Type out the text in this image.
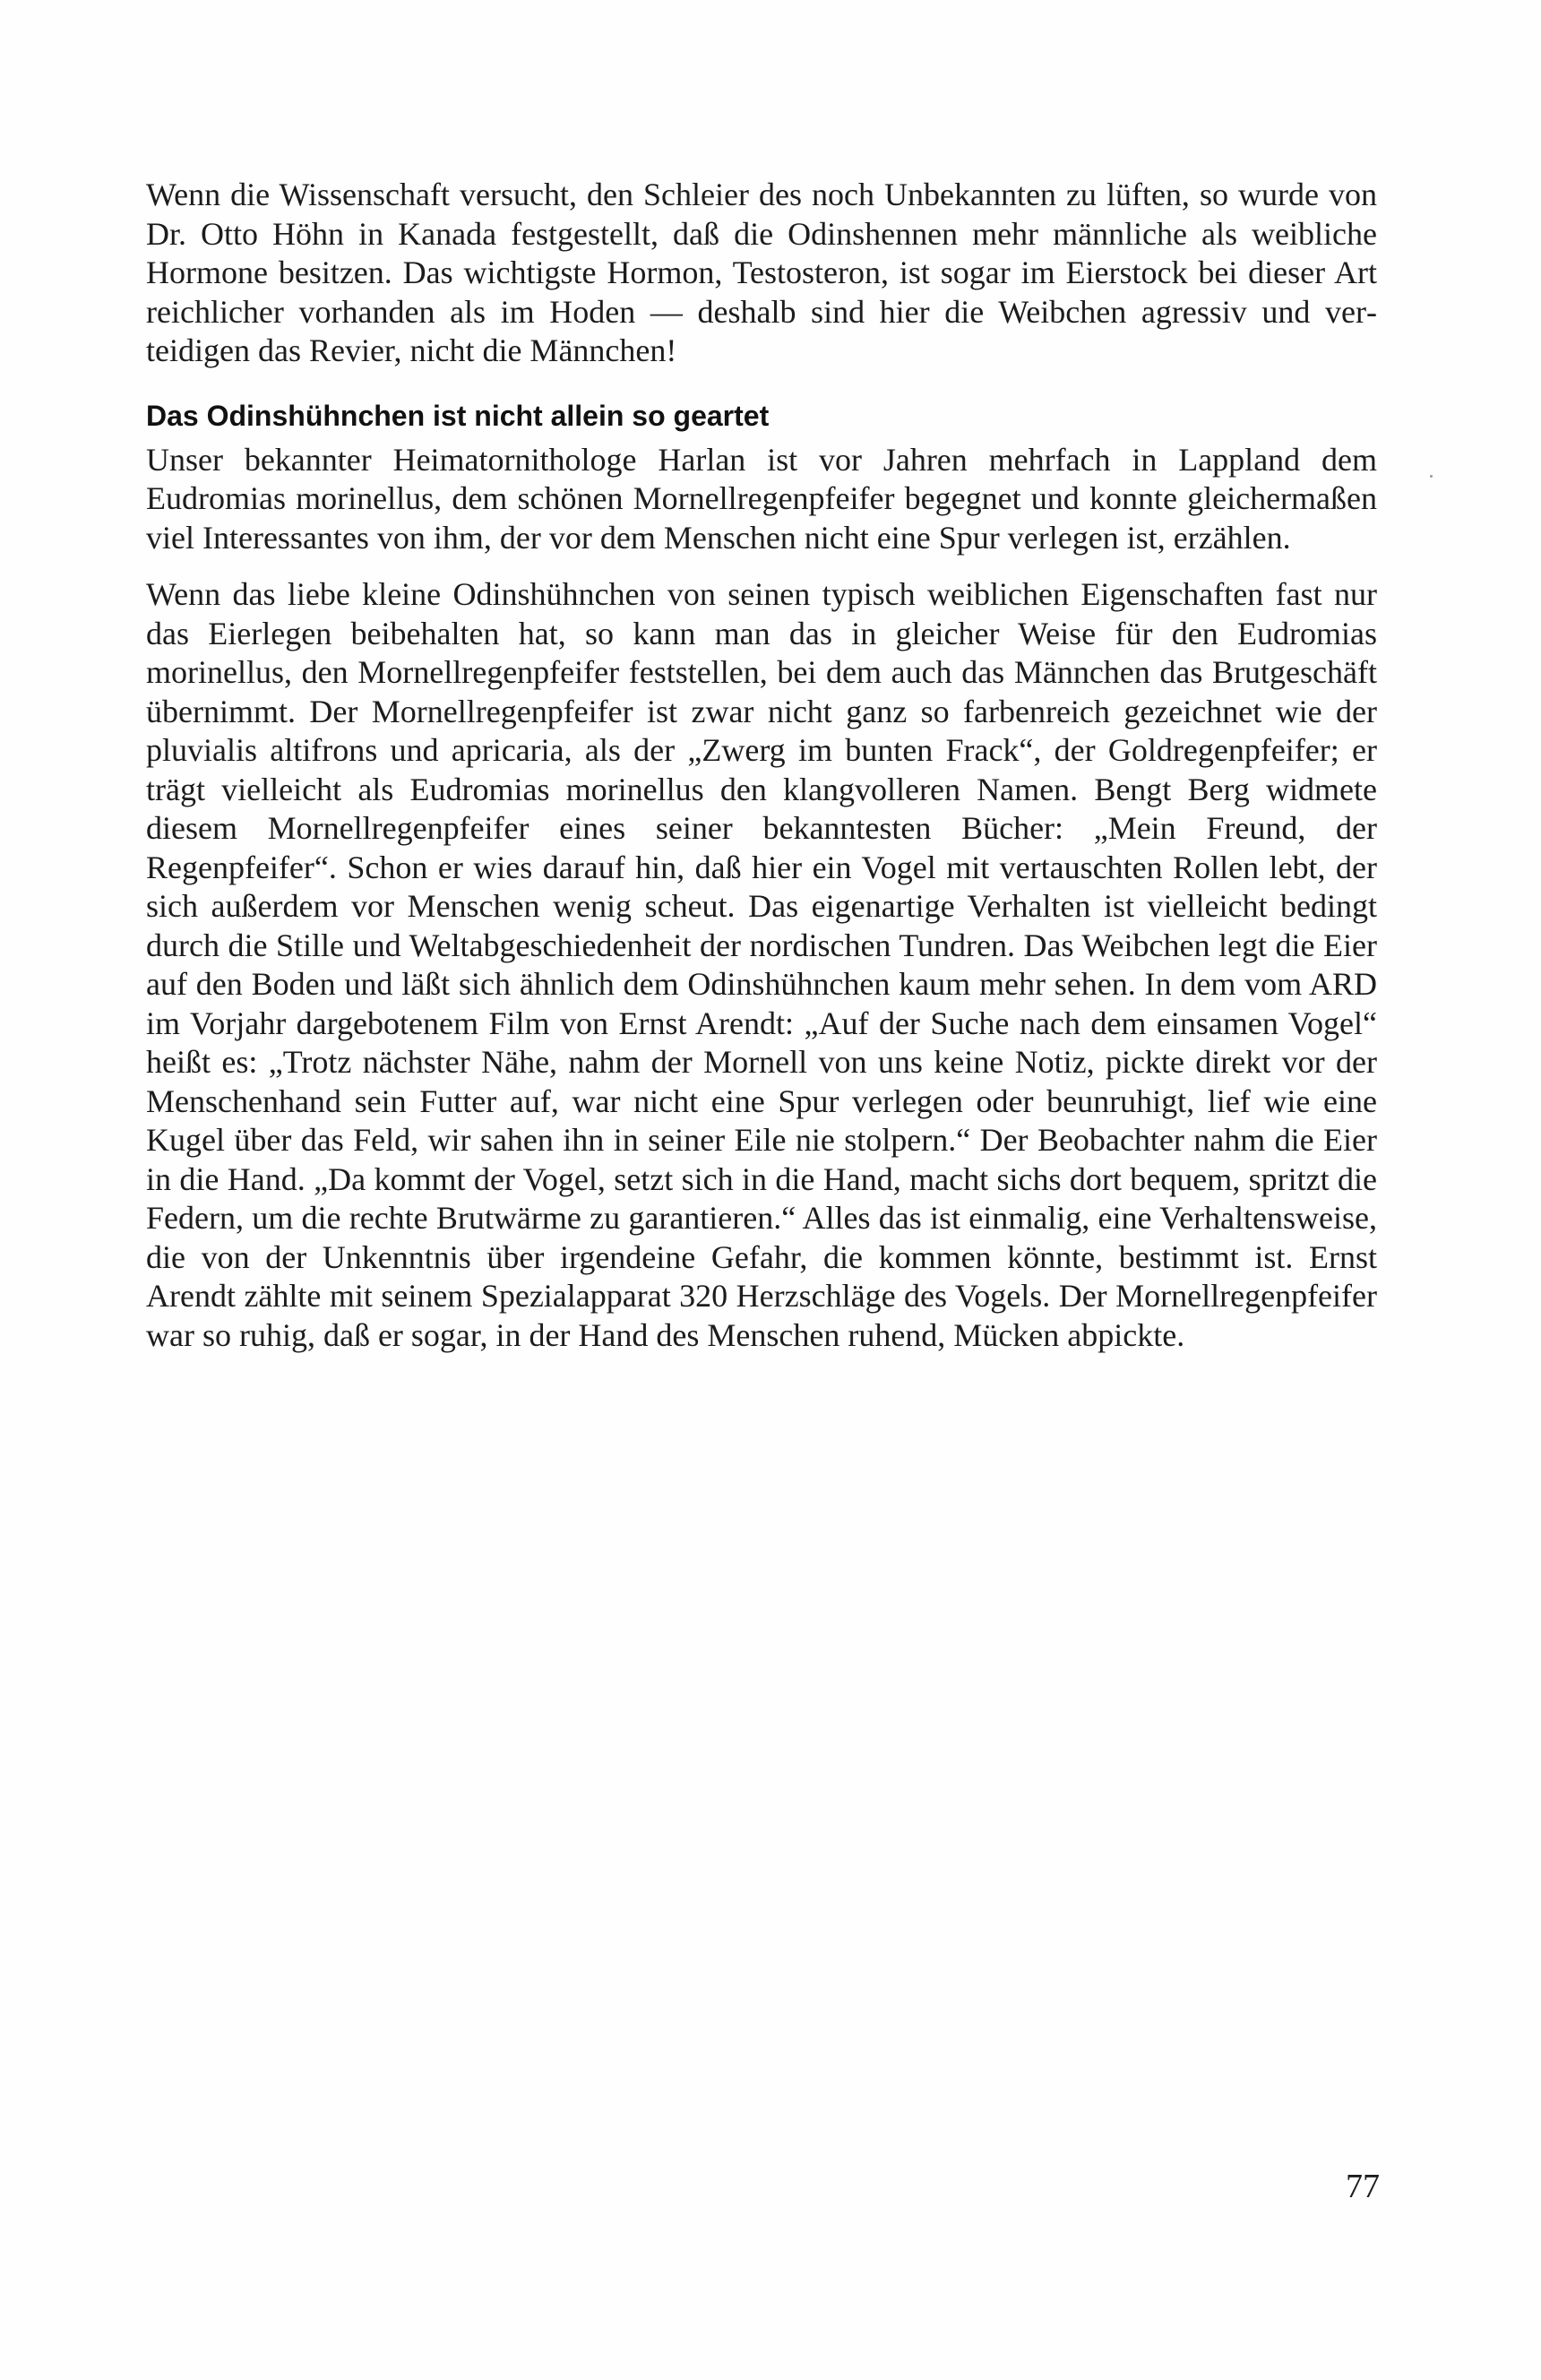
Wenn die Wissenschaft versucht, den Schleier des noch Unbekannten zu lüften, so wurde von Dr. Otto Höhn in Kanada festgestellt, daß die Odinshennen mehr männliche als weibliche Hormone besitzen. Das wichtigste Hormon, Testosteron, ist sogar im Eierstock bei dieser Art reichlicher vorhanden als im Hoden — deshalb sind hier die Weibchen agressiv und verteidigen das Revier, nicht die Männchen!

Das Odinshühnchen ist nicht allein so geartet

Unser bekannter Heimatornithologe Harlan ist vor Jahren mehrfach in Lappland dem Eudromias morinellus, dem schönen Mornellregenpfeifer begegnet und konnte gleichermaßen viel Interessantes von ihm, der vor dem Menschen nicht eine Spur verlegen ist, erzählen.

Wenn das liebe kleine Odinshühnchen von seinen typisch weiblichen Eigenschaften fast nur das Eierlegen beibehalten hat, so kann man das in gleicher Weise für den Eudromias morinellus, den Mornellregenpfeifer feststellen, bei dem auch das Männchen das Brutgeschäft übernimmt. Der Mornellregenpfeifer ist zwar nicht ganz so farbenreich gezeichnet wie der pluvialis altifrons und apricaria, als der „Zwerg im bunten Frack“, der Goldregenpfeifer; er trägt vielleicht als Eudromias morinellus den klangvolleren Namen. Bengt Berg widmete diesem Mornellregenpfeifer eines seiner bekanntesten Bücher: „Mein Freund, der Regenpfeifer“. Schon er wies darauf hin, daß hier ein Vogel mit vertauschten Rollen lebt, der sich außerdem vor Menschen wenig scheut. Das eigenartige Verhalten ist vielleicht bedingt durch die Stille und Weltabgeschiedenheit der nordischen Tundren. Das Weibchen legt die Eier auf den Boden und läßt sich ähnlich dem Odinshühnchen kaum mehr sehen. In dem vom ARD im Vorjahr dargebotenem Film von Ernst Arendt: „Auf der Suche nach dem einsamen Vogel“ heißt es: „Trotz nächster Nähe, nahm der Mornell von uns keine Notiz, pickte direkt vor der Menschenhand sein Futter auf, war nicht eine Spur verlegen oder beunruhigt, lief wie eine Kugel über das Feld, wir sahen ihn in seiner Eile nie stolpern.“ Der Beobachter nahm die Eier in die Hand. „Da kommt der Vogel, setzt sich in die Hand, macht sichs dort bequem, spritzt die Federn, um die rechte Brutwärme zu garantieren.“ Alles das ist einmalig, eine Verhaltensweise, die von der Unkenntnis über irgendeine Gefahr, die kommen könnte, bestimmt ist. Ernst Arendt zählte mit seinem Spezialapparat 320 Herzschläge des Vogels. Der Mornellregenpfeifer war so ruhig, daß er sogar, in der Hand des Menschen ruhend, Mücken abpickte.

77
